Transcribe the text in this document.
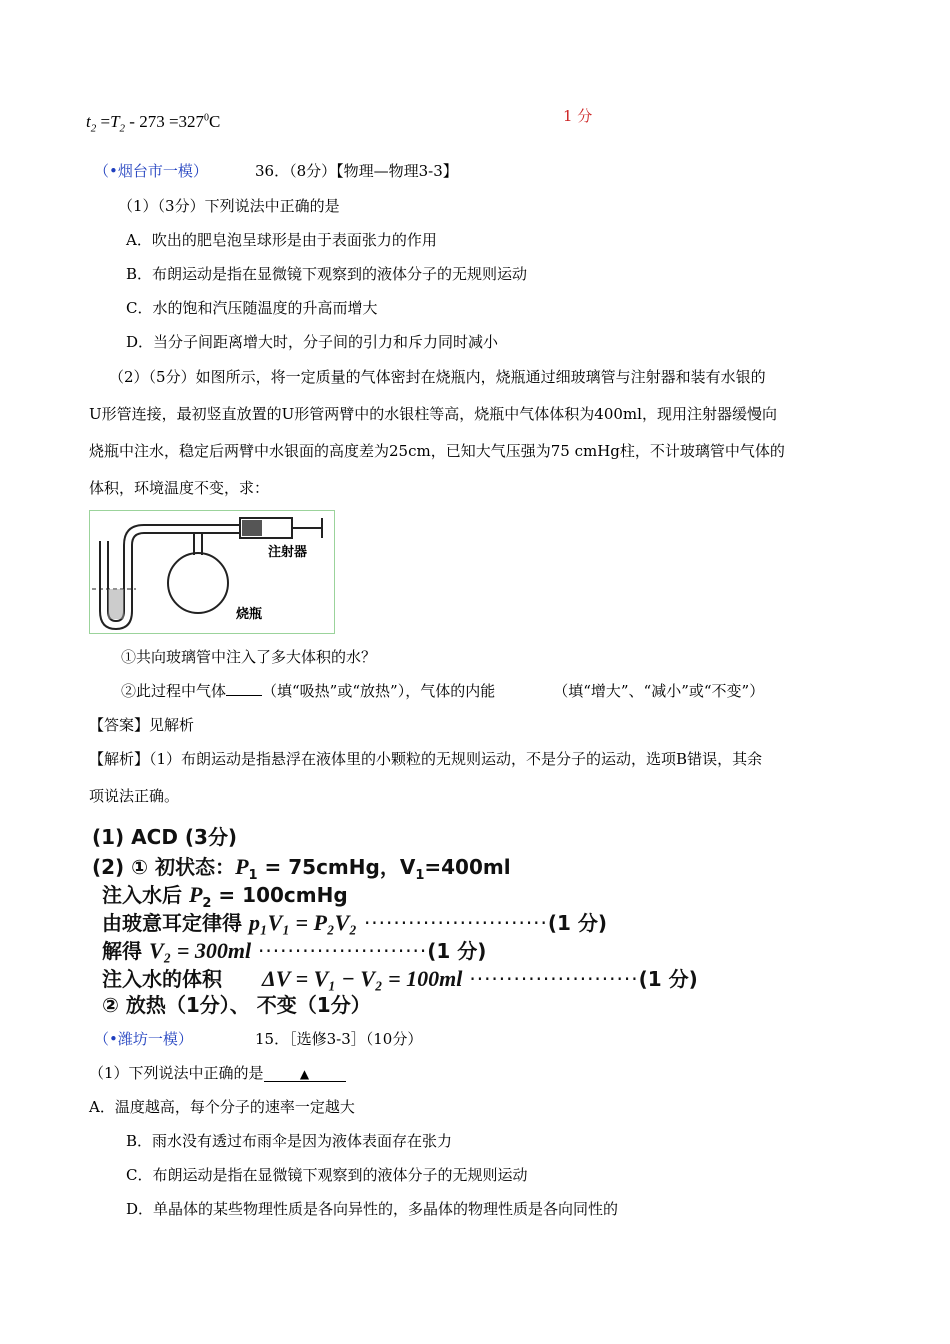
$t_2 =T_2 - 273 =327^0C$	1 分
（•烟台市一模）	36．（8分）【物理—物理3-3】
（1）（3分）下列说法中正确的是
A．吹出的肥皂泡呈球形是由于表面张力的作用
B．布朗运动是指在显微镜下观察到的液体分子的无规则运动
C．水的饱和汽压随温度的升高而增大
D．当分子间距离增大时，分子间的引力和斥力同时减小
（2）（5分）如图所示，将一定质量的气体密封在烧瓶内，烧瓶通过细玻璃管与注射器和装有水银的
U形管连接，最初竖直放置的U形管两臂中的水银柱等高，烧瓶中气体体积为400ml，现用注射器缓慢向
烧瓶中注水，稳定后两臂中水银面的高度差为25cm，已知大气压强为75 cmHg柱，不计玻璃管中气体的
体积，环境温度不变，求：
注射器
烧瓶
①共向玻璃管中注入了多大体积的水？
②此过程中气体 （填“吸热”或“放热”），气体的内能	（填“增大”、“减小”或“不变”）
【答案】见解析
【解析】（1）布朗运动是指悬浮在液体里的小颗粒的无规则运动，不是分子的运动，选项B错误，其余
项说法正确。
(1) ACD (3分)
(2) ① 初状态：$P_1$ = 75cmHg，$V_1=400ml$
注入水后 $P_2$ = 100cmHg
由玻意耳定律得 p₁V₁ = P₂V₂ ·························(1 分)
解得 V₂ = 300ml ·······················(1 分)
注入水的体积 ΔV = V₁ − V₂ = 100ml ·······················(1 分)
② 放热（1分）、 不变（1分）
（•潍坊一模）	15．［选修3-3］（10分）
（1）下列说法中正确的是	▲
A．温度越高，每个分子的速率一定越大
B．雨水没有透过布雨伞是因为液体表面存在张力
C．布朗运动是指在显微镜下观察到的液体分子的无规则运动
D．单晶体的某些物理性质是各向异性的，多晶体的物理性质是各向同性的
